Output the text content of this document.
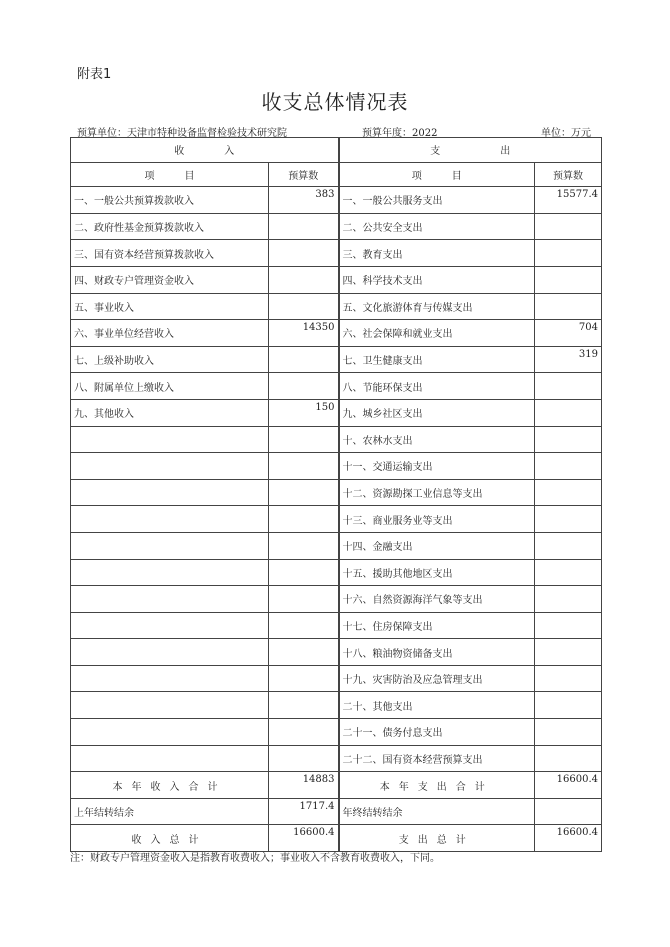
附表1
收支总体情况表
预算单位：天津市特种设备监督检验技术研究院	预算年度：2022	单位：万元
收　　　　入		支　　　　　　出	
项　　　目	预算数	项　　　目	预算数
一、一般公共预算拨款收入	383	一、一般公共服务支出	15577.4
二、政府性基金预算拨款收入		二、公共安全支出	
三、国有资本经营预算拨款收入		三、教育支出	
四、财政专户管理资金收入		四、科学技术支出	
五、事业收入		五、文化旅游体育与传媒支出	
六、事业单位经营收入	14350	六、社会保障和就业支出	704
七、上级补助收入		七、卫生健康支出	319
八、附属单位上缴收入		八、节能环保支出	
九、其他收入	150	九、城乡社区支出	
		十、农林水支出	
		十一、交通运输支出	
		十二、资源勘探工业信息等支出	
		十三、商业服务业等支出	
		十四、金融支出	
		十五、援助其他地区支出	
		十六、自然资源海洋气象等支出	
		十七、住房保障支出	
		十八、粮油物资储备支出	
		十九、灾害防治及应急管理支出	
		二十、其他支出	
		二十一、债务付息支出	
		二十二、国有资本经营预算支出	
本年收入合计	14883	本年支出合计	16600.4
上年结转结余	1717.4	年终结转结余	
收入总计	16600.4	支出总计	16600.4
注：财政专户管理资金收入是指教育收费收入；事业收入不含教育收费收入，下同。
